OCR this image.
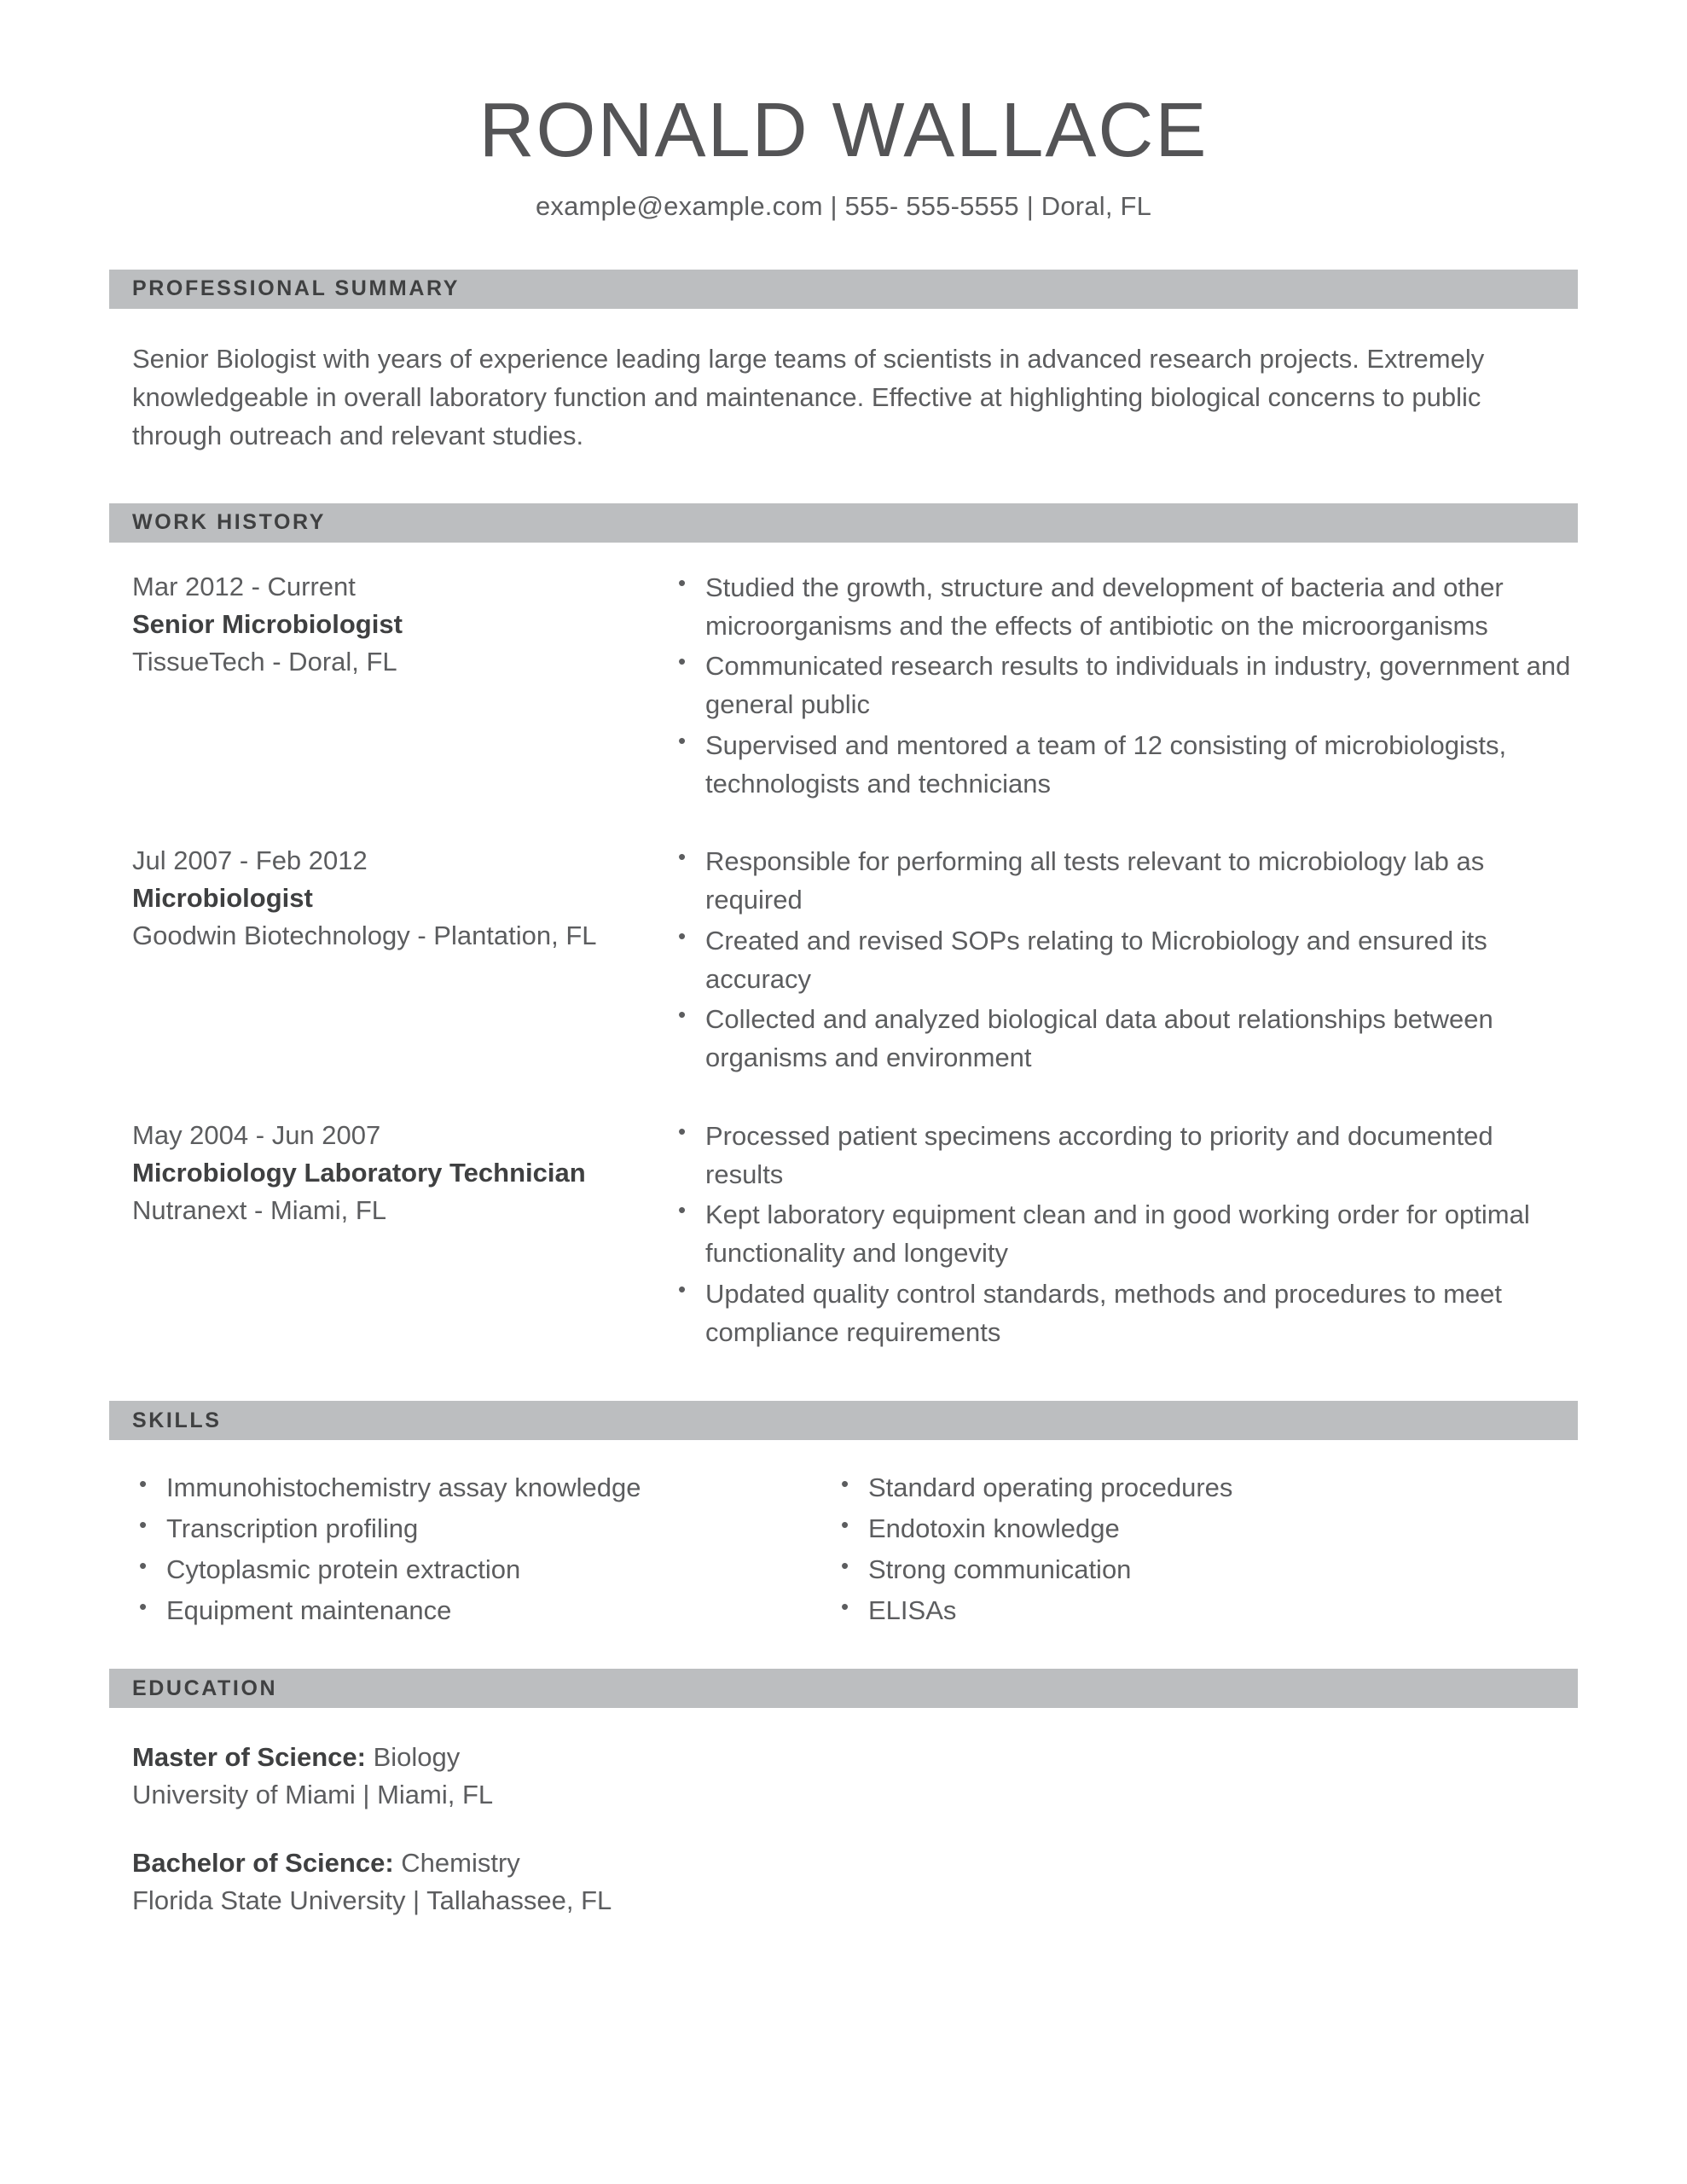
RONALD WALLACE
example@example.com | 555- 555-5555 | Doral, FL
PROFESSIONAL SUMMARY

Senior Biologist with years of experience leading large teams of scientists in advanced research projects. Extremely knowledgeable in overall laboratory function and maintenance. Effective at highlighting biological concerns to public through outreach and relevant studies.

WORK HISTORY
Mar 2012 - Current
Senior Microbiologist
TissueTech - Doral, FL
• Studied the growth, structure and development of bacteria and other microorganisms and the effects of antibiotic on the microorganisms
• Communicated research results to individuals in industry, government and general public
• Supervised and mentored a team of 12 consisting of microbiologists, technologists and technicians
Jul 2007 - Feb 2012
Microbiologist
Goodwin Biotechnology - Plantation, FL
• Responsible for performing all tests relevant to microbiology lab as required
• Created and revised SOPs relating to Microbiology and ensured its accuracy
• Collected and analyzed biological data about relationships between organisms and environment
May 2004 - Jun 2007
Microbiology Laboratory Technician
Nutranext - Miami, FL
• Processed patient specimens according to priority and documented results
• Kept laboratory equipment clean and in good working order for optimal functionality and longevity
• Updated quality control standards, methods and procedures to meet compliance requirements
SKILLS
• Immunohistochemistry assay knowledge
• Transcription profiling
• Cytoplasmic protein extraction
• Equipment maintenance
• Standard operating procedures
• Endotoxin knowledge
• Strong communication
• ELISAs
EDUCATION
Master of Science: Biology
University of Miami | Miami, FL
Bachelor of Science: Chemistry
Florida State University | Tallahassee, FL
